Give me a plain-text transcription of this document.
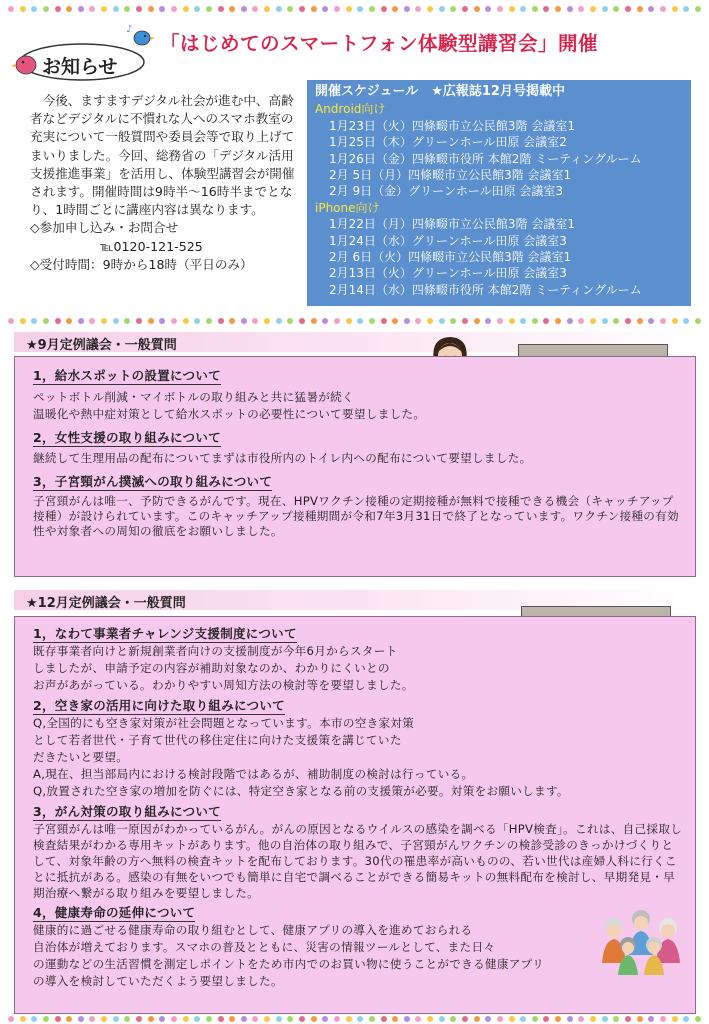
♪
お知らせ
「はじめてのスマートフォン体験型講習会」開催

　今後、ますますデジタル社会が進む中、高齢者などデジタルに不慣れな人へのスマホ教室の充実について一般質問や委員会等で取り上げてまいりました。今回、総務省の「デジタル活用支援推進事業」を活用し、体験型講習会が開催されます。開催時間は9時半〜16時半までとなり、1時間ごとに講座内容は異なります。

◇参加申し込み・お問合せ

℡0120-121-525

◇受付時間：9時から18時（平日のみ）

開催スケジュール　★広報誌12月号掲載中
Android向け
1月23日（火）四條畷市立公民館3階 会議室1
1月25日（木）グリーンホール田原 会議室2
1月26日（金）四條畷市役所 本館2階 ミーティングルーム
2月 5日（月）四條畷市立公民館3階 会議室1
2月 9日（金）グリーンホール田原 会議室3
iPhone向け
1月22日（月）四條畷市立公民館3階 会議室1
1月24日（水）グリーンホール田原 会議室3
2月 6日（火）四條畷市立公民館3階 会議室1
2月13日（火）グリーンホール田原 会議室3
2月14日（水）四條畷市役所 本館2階 ミーティングルーム
★9月定例議会・一般質問
1，給水スポットの設置について
ペットボトル削減・マイボトルの取り組みと共に猛暑が続く
温暖化や熱中症対策として給水スポットの必要性について要望しました。
2，女性支援の取り組みについて
継続して生理用品の配布についてまずは市役所内のトイレ内への配布について要望しました。
3，子宮頸がん撲滅への取り組みについて
子宮頸がんは唯一、予防できるがんです。現在、HPVワクチン接種の定期接種が無料で接種できる機会（キャッチアップ接種）が設けられています。このキャッチアップ接種期間が令和7年3月31日で終了となっています。ワクチン接種の有効性や対象者への周知の徹底をお願いしました。
★12月定例議会・一般質問
1，なわて事業者チャレンジ支援制度について
既存事業者向けと新規創業者向けの支援制度が今年6月からスタート
しましたが、申請予定の内容が補助対象なのか、わかりにくいとの
お声があがっている。わかりやすい周知方法の検討等を要望しました。
2，空き家の活用に向けた取り組みについて
Q,全国的にも空き家対策が社会問題となっています。本市の空き家対策
として若者世代・子育て世代の移住定住に向けた支援策を講じていた
だきたいと要望。
A,現在、担当部局内における検討段階ではあるが、補助制度の検討は行っている。
Q,放置された空き家の増加を防ぐには、特定空き家となる前の支援策が必要。対策をお願いします。
3，がん対策の取り組みについて
子宮頸がんは唯一原因がわかっているがん。がんの原因となるウイルスの感染を調べる「HPV検査」。これは、自己採取し検査結果がわかる専用キットがあります。他の自治体の取り組みで、子宮頸がんワクチンの検診受診のきっかけづくりとして、対象年齢の方へ無料の検査キットを配布しております。30代の罹患率が高いものの、若い世代は産婦人科に行くことに抵抗がある。感染の有無をいつでも簡単に自宅で調べることができる簡易キットの無料配布を検討し、早期発見・早期治療へ繋がる取り組みを要望しました。
4，健康寿命の延伸について
健康的に過ごせる健康寿命の取り組むとして、健康アプリの導入を進めておられる
自治体が増えております。スマホの普及とともに、災害の情報ツールとして、また日々
の運動などの生活習慣を測定しポイントをため市内でのお買い物に使うことができる健康アプリ
の導入を検討していただくよう要望しました。
